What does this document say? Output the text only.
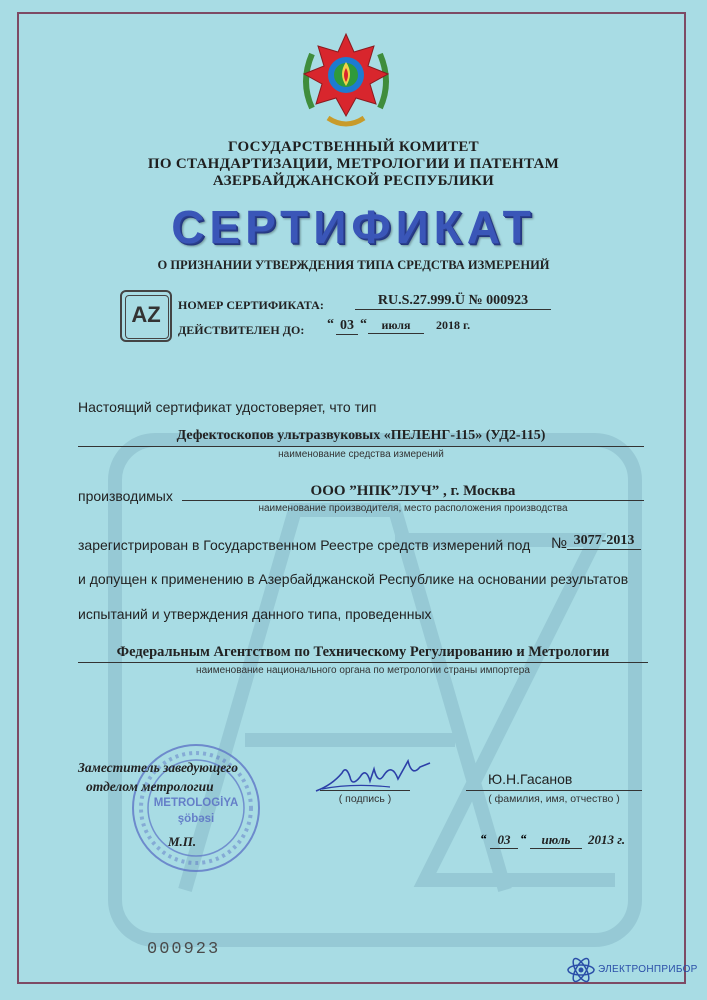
ГОСУДАРСТВЕННЫЙ КОМИТЕТ
ПО СТАНДАРТИЗАЦИИ, МЕТРОЛОГИИ И ПАТЕНТАМ
АЗЕРБАЙДЖАНСКОЙ РЕСПУБЛИКИ
СЕРТИФИКАТ
О ПРИЗНАНИИ УТВЕРЖДЕНИЯ ТИПА СРЕДСТВА ИЗМЕРЕНИЙ
AZ	НОМЕР СЕРТИФИКАТА:	RU.S.27.999.Ü № 000923
ДЕЙСТВИТЕЛЕН ДО: “ 03 “	июля	2018 г.
Настоящий сертификат удостоверяет, что тип
Дефектоскопов ультразвуковых «ПЕЛЕНГ-115» (УД2-115)
наименование средства измерений
производимых	ООО ”НПК”ЛУЧ” , г. Москва
наименование производителя, место расположения производства
зарегистрирован в Государственном Реестре средств измерений под № 3077-2013
и допущен к применению в Азербайджанской Республике на основании результатов
испытаний и утверждения данного типа, проведенных
Федеральным Агентством по Техническому Регулированию и Метрологии
наименование национального органа по метрологии страны импортера
METROLOGİYA
şöbəsi
Заместитель заведующего
отделом метрологии
М.П.
( подпись )
Ю.Н.Гасанов
( фамилия, имя, отчество )
“ 03 “	июль	2013 г.
000923
ЭЛЕКТРОНПРИБОР
